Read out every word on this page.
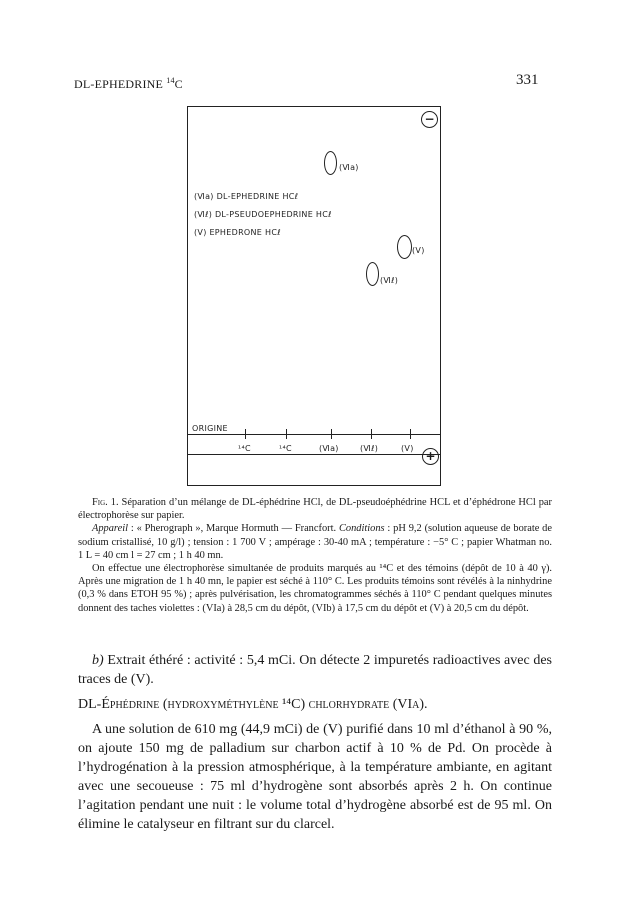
DL-EPHEDRINE $^{14}$C	331
−
(Ⅵa)
(Ⅵa) DL-EPHEDRINE HCℓ
(Ⅵℓ) DL-PSEUDOEPHEDRINE HCℓ
(Ⅴ) EPHEDRONE HCℓ
(Ⅴ)
(Ⅵℓ)
ORIGINE
¹⁴C	¹⁴C	(Ⅵa)	(Ⅵℓ)	(Ⅴ)
+

Fig. 1. Séparation d’un mélange de DL-éphédrine HCl, de DL-pseudoéphédrine HCL et d’éphédrone HCl par électrophorèse sur papier.

Appareil : « Pherograph », Marque Hormuth — Francfort. Conditions : pH 9,2 (solution aqueuse de borate de sodium cristallisé, 10 g/l) ; tension : 1 700 V ; ampérage : 30-40 mA ; température : −5° C ; papier Whatman no. 1 L = 40 cm l = 27 cm ; 1 h 40 mn.

On effectue une électrophorèse simultanée de produits marqués au ¹⁴C et des témoins (dépôt de 10 à 40 γ). Après une migration de 1 h 40 mn, le papier est séché à 110° C. Les produits témoins sont révélés à la ninhydrine (0,3 % dans ETOH 95 %) ; après pulvérisation, les chromatogrammes séchés à 110° C pendant quelques minutes donnent des taches violettes : (VIa) à 28,5 cm du dépôt, (VIb) à 17,5 cm du dépôt et (V) à 20,5 cm du dépôt.

b) Extrait éthéré : activité : 5,4 mCi. On détecte 2 impuretés radioactives avec des traces de (V).

DL-Éphédrine (hydroxyméthylène ¹⁴C) chlorhydrate (VIa).

A une solution de 610 mg (44,9 mCi) de (V) purifié dans 10 ml d’éthanol à 90 %, on ajoute 150 mg de palladium sur charbon actif à 10 % de Pd. On procède à l’hydrogénation à la pression atmosphérique, à la température ambiante, en agitant avec une secoueuse : 75 ml d’hydrogène sont absorbés après 2 h. On continue l’agitation pendant une nuit : le volume total d’hydrogène absorbé est de 95 ml. On élimine le catalyseur en filtrant sur du clarcel.
